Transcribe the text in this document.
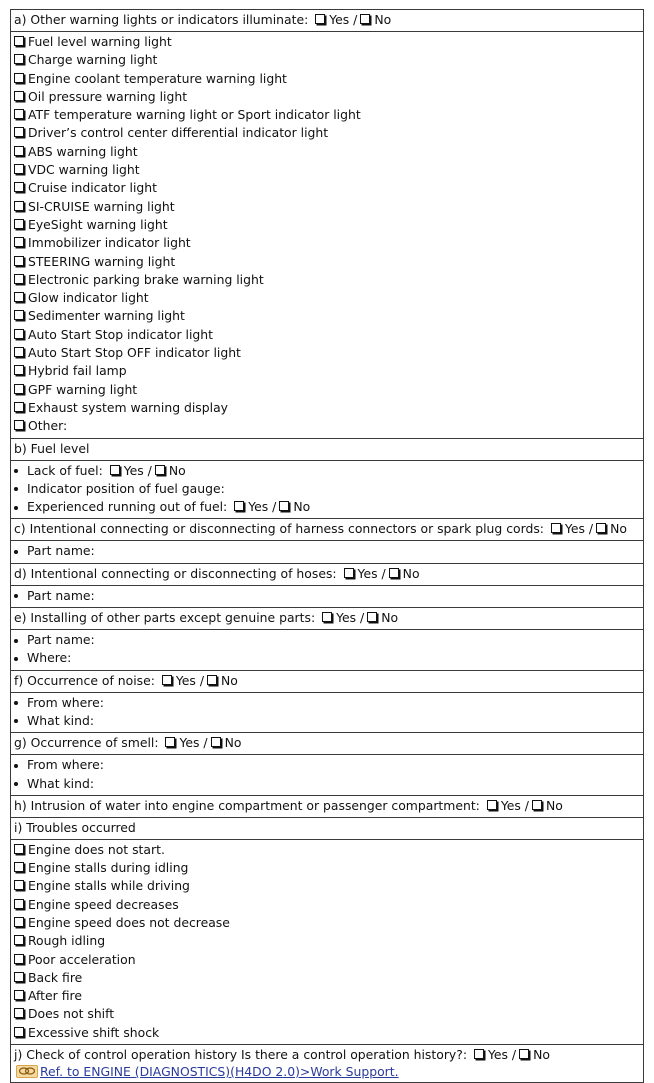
a) Other warning lights or indicators illuminate: Yes / No
Fuel level warning light
Charge warning light
Engine coolant temperature warning light
Oil pressure warning light
ATF temperature warning light or Sport indicator light
Driver’s control center differential indicator light
ABS warning light
VDC warning light
Cruise indicator light
SI-CRUISE warning light
EyeSight warning light
Immobilizer indicator light
STEERING warning light
Electronic parking brake warning light
Glow indicator light
Sedimenter warning light
Auto Start Stop indicator light
Auto Start Stop OFF indicator light
Hybrid fail lamp
GPF warning light
Exhaust system warning display
Other:
b) Fuel level
Lack of fuel: Yes / No
Indicator position of fuel gauge:
Experienced running out of fuel: Yes / No
c) Intentional connecting or disconnecting of harness connectors or spark plug cords: Yes / No
Part name:
d) Intentional connecting or disconnecting of hoses: Yes / No
Part name:
e) Installing of other parts except genuine parts: Yes / No
Part name:
Where:
f) Occurrence of noise: Yes / No
From where:
What kind:
g) Occurrence of smell: Yes / No
From where:
What kind:
h) Intrusion of water into engine compartment or passenger compartment: Yes / No
i) Troubles occurred
Engine does not start.
Engine stalls during idling
Engine stalls while driving
Engine speed decreases
Engine speed does not decrease
Rough idling
Poor acceleration
Back fire
After fire
Does not shift
Excessive shift shock
j) Check of control operation history Is there a control operation history?: Yes / No
Ref. to ENGINE (DIAGNOSTICS)(H4DO 2.0)>Work Support.
